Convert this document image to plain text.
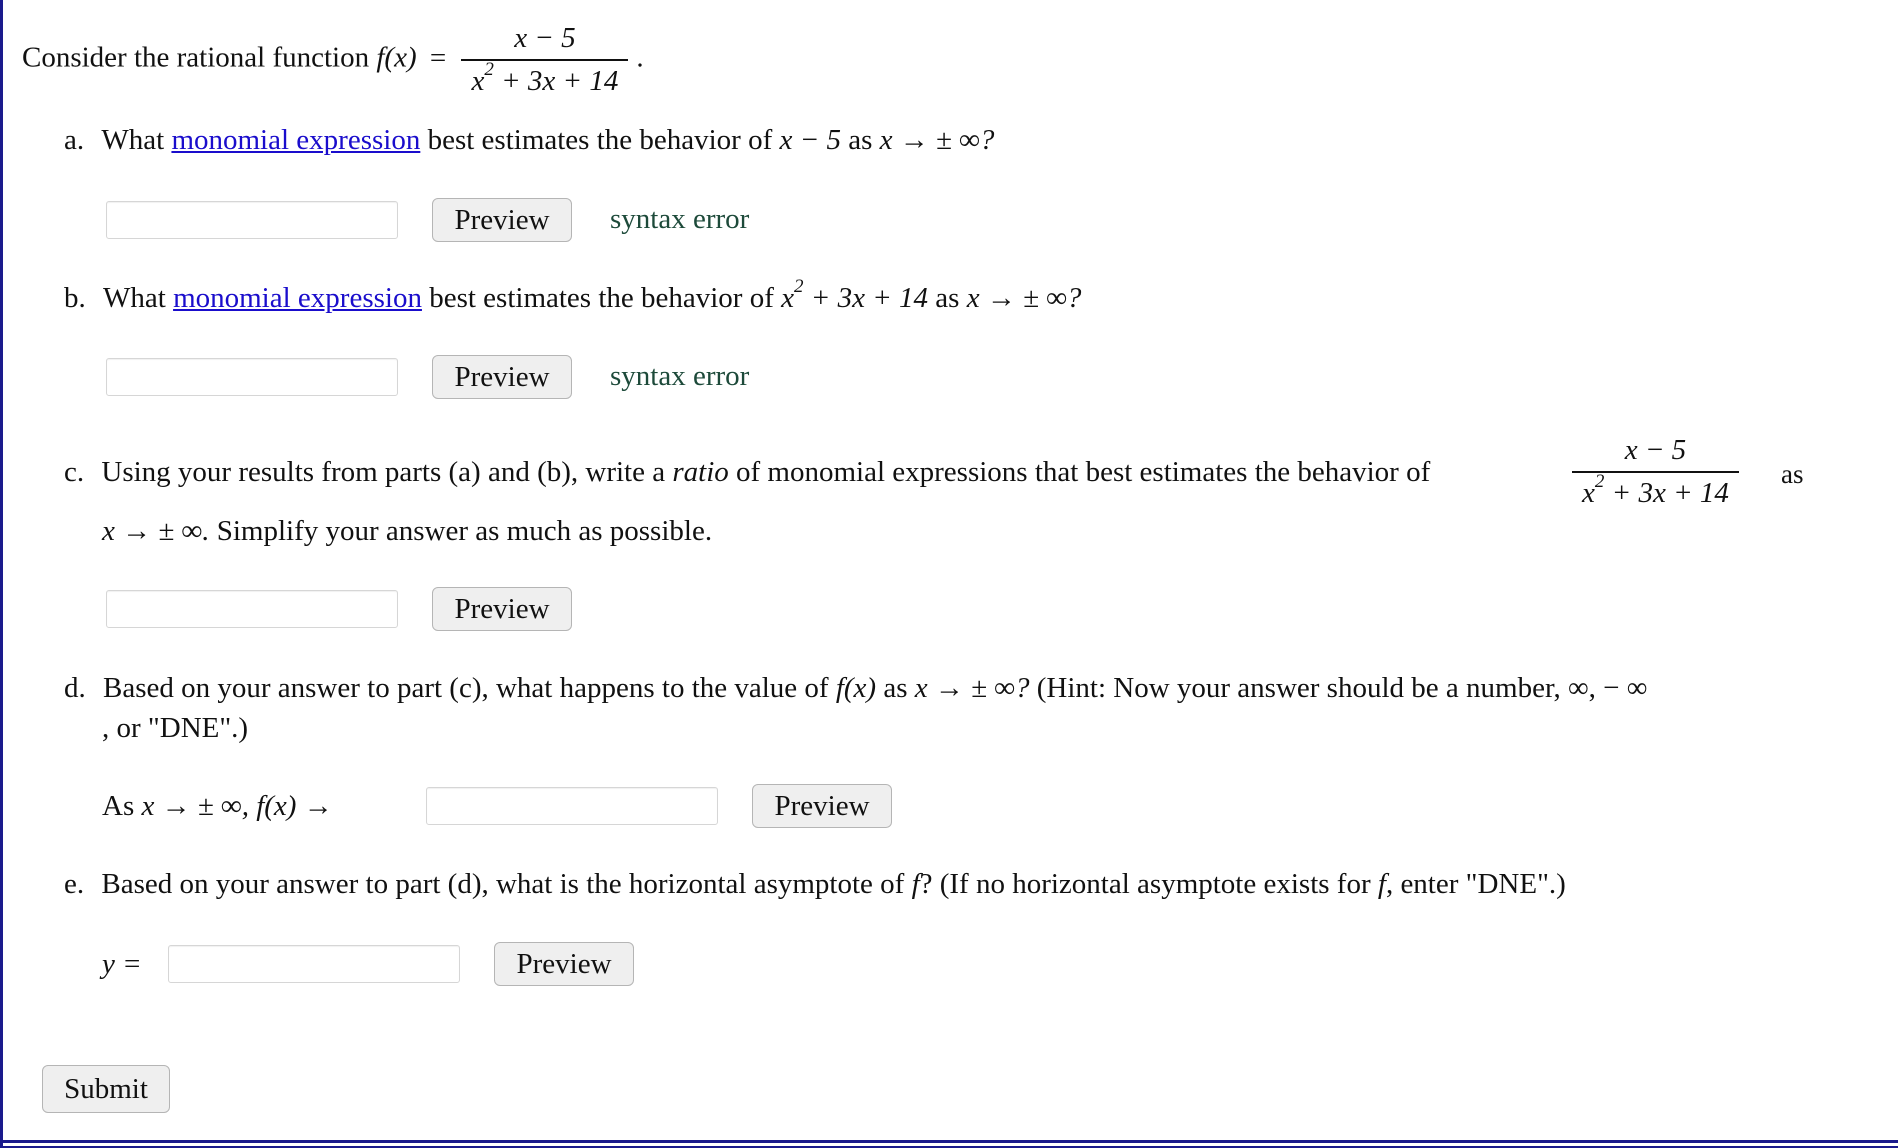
Consider the rational function $f(x) = \frac{x - 5}{x^2 + 3x + 14}$ .
a. What monomial expression best estimates the behavior of x − 5 as x → ± ∞?
Preview	syntax error
b. What monomial expression best estimates the behavior of $x^2 + 3x + 14$ as x → ± ∞?
Preview	syntax error
c. Using your results from parts (a) and (b), write a ratio of monomial expressions that best estimates the behavior of	$\frac{x - 5}{x^2 + 3x + 14}$ as
x → ± ∞. Simplify your answer as much as possible.
Preview
d. Based on your answer to part (c), what happens to the value of f(x) as x → ± ∞? (Hint: Now your answer should be a number, ∞, − ∞
, or "DNE".)
As x → ± ∞, f(x) →	Preview
e. Based on your answer to part (d), what is the horizontal asymptote of f? (If no horizontal asymptote exists for f, enter "DNE".)
y =	Preview
Submit
